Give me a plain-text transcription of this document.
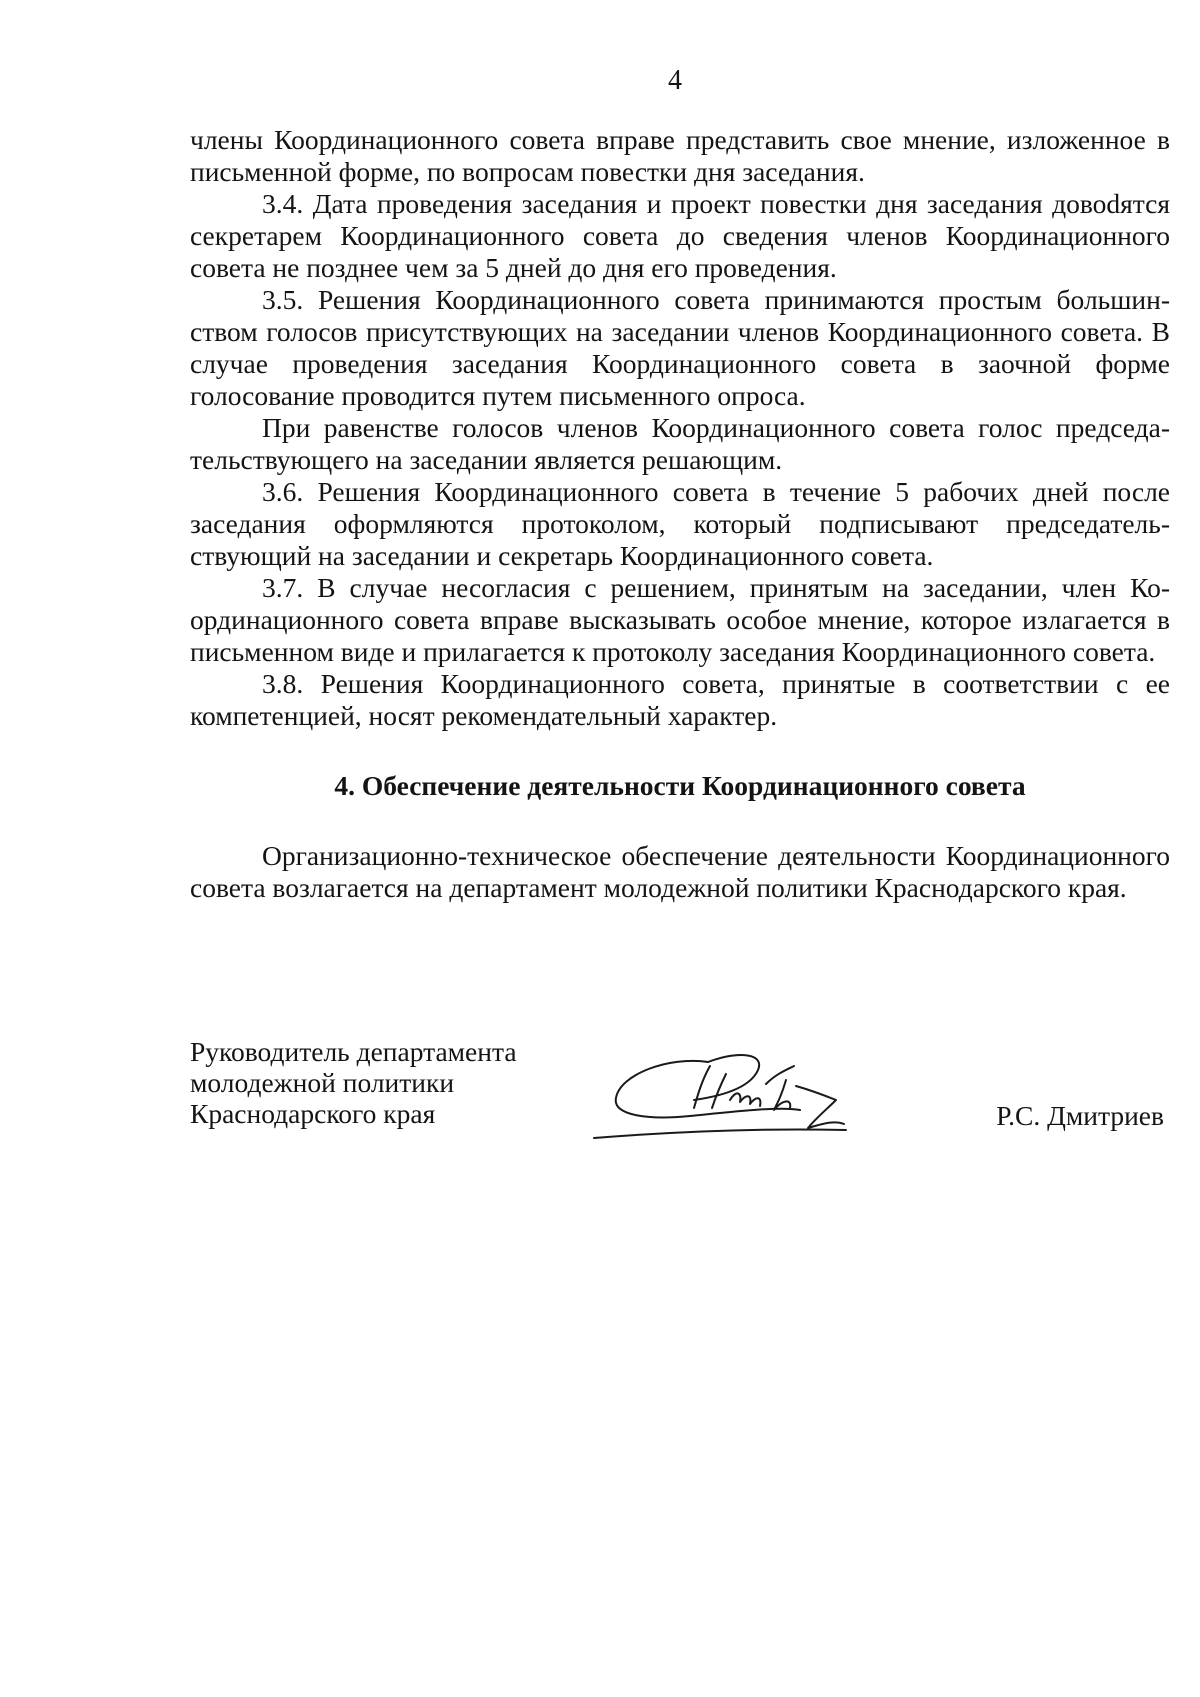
4

члены Координационного совета вправе представить свое мнение, изложенное в письменной форме, по вопросам повестки дня заседания.

3.4. Дата проведения заседания и проект повестки дня заседания довоdятся секретарем Координационного совета до сведения членов Координационного совета не позднее чем за 5 дней до дня его проведения.

3.5. Решения Координационного совета принимаются простым большинством голосов присутствующих на заседании членов Координационного совета. В случае проведения заседания Координационного совета в заочной форме голосование проводится путем письменного опроса.

При равенстве голосов членов Координационного совета голос председательствующего на заседании является решающим.

3.6. Решения Координационного совета в течение 5 рабочих дней после заседания оформляются протоколом, который подписывают председательствующий на заседании и секретарь Координационного совета.

3.7. В случае несогласия с решением, принятым на заседании, член Координационного совета вправе высказывать особое мнение, которое излагается в письменном виде и прилагается к протоколу заседания Координационного совета.

3.8. Решения Координационного совета, принятые в соответствии с ее компетенцией, носят рекомендательный характер.

4. Обеспечение деятельности Координационного совета

Организационно-техническое обеспечение деятельности Координационного совета возлагается на департамент молодежной политики Краснодарского края.

Руководитель департамента
молодежной политики
Краснодарского края	Р.С. Дмитриев
